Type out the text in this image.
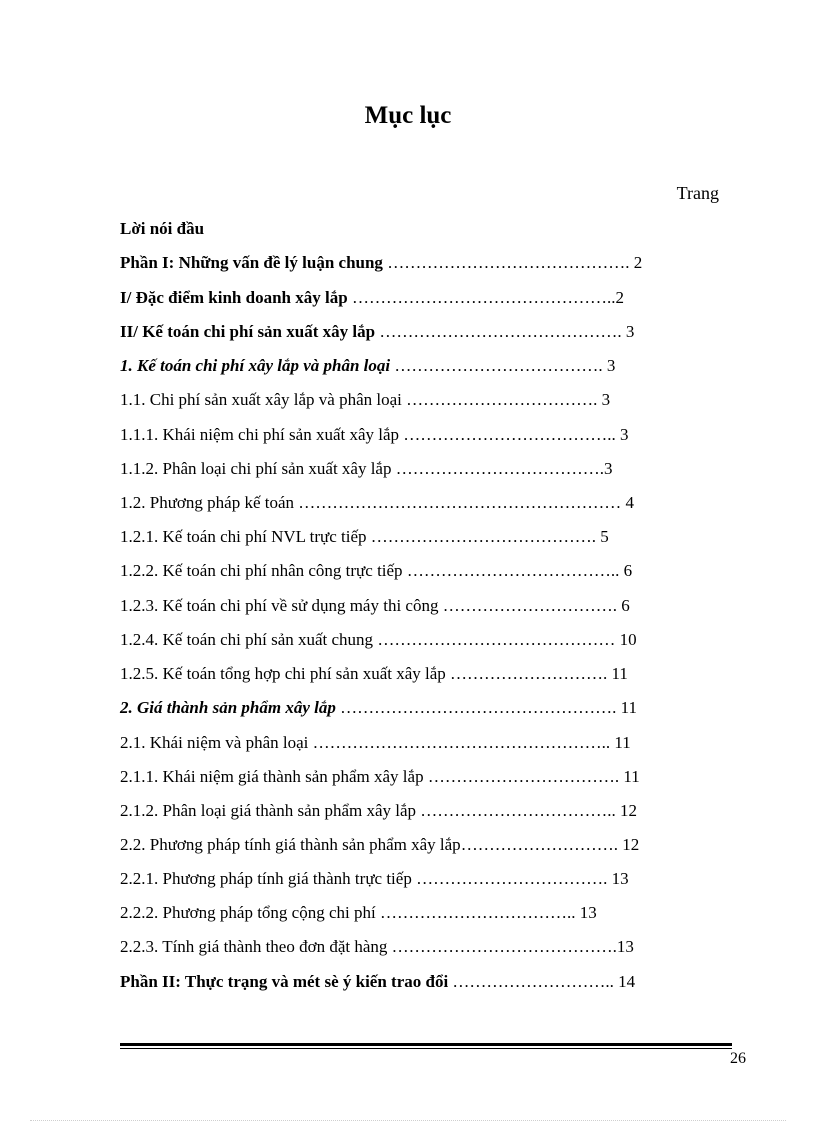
Mục lục
Trang
Lời nói đầu
Phần I: Những vấn đề lý luận chung ……………………………………. 2
I/ Đặc điểm kinh doanh xây lắp ………………………………………..2
II/ Kế toán chi phí sản xuất xây lắp ……………………………………. 3
1. Kế toán chi phí xây lắp và phân loại ………………………………. 3
1.1. Chi phí sản xuất xây lắp và phân loại ……………………………. 3
1.1.1. Khái niệm chi phí sản xuất xây lắp ……………………………….. 3
1.1.2. Phân loại chi phí sản xuất xây lắp ……………………………….3
1.2. Phương pháp kế toán ………………………………………………… 4
1.2.1. Kế toán chi phí NVL trực tiếp …………………………………. 5
1.2.2. Kế toán chi phí nhân công trực tiếp ……………………………….. 6
1.2.3. Kế toán chi phí về sử dụng máy thi công …………………………. 6
1.2.4. Kế toán chi phí sản xuất chung …………………………………… 10
1.2.5. Kế toán tổng hợp chi phí sản xuất xây lắp ………………………. 11
2. Giá thành sản phẩm xây lắp …………………………………………. 11
2.1. Khái niệm và phân loại …………………………………………….. 11
2.1.1. Khái niệm giá thành sản phẩm xây lắp ……………………………. 11
2.1.2. Phân loại giá thành sản phẩm xây lắp …………………………….. 12
2.2. Phương pháp tính giá thành sản phẩm xây lắp………………………. 12
2.2.1. Phương pháp tính giá thành trực tiếp ……………………………. 13
2.2.2. Phương pháp tổng cộng chi phí …………………………….. 13
2.2.3. Tính giá thành theo đơn đặt hàng ………………………………….13
Phần II: Thực trạng và mét sè ý kiến trao đổi ……………………….. 14
26
